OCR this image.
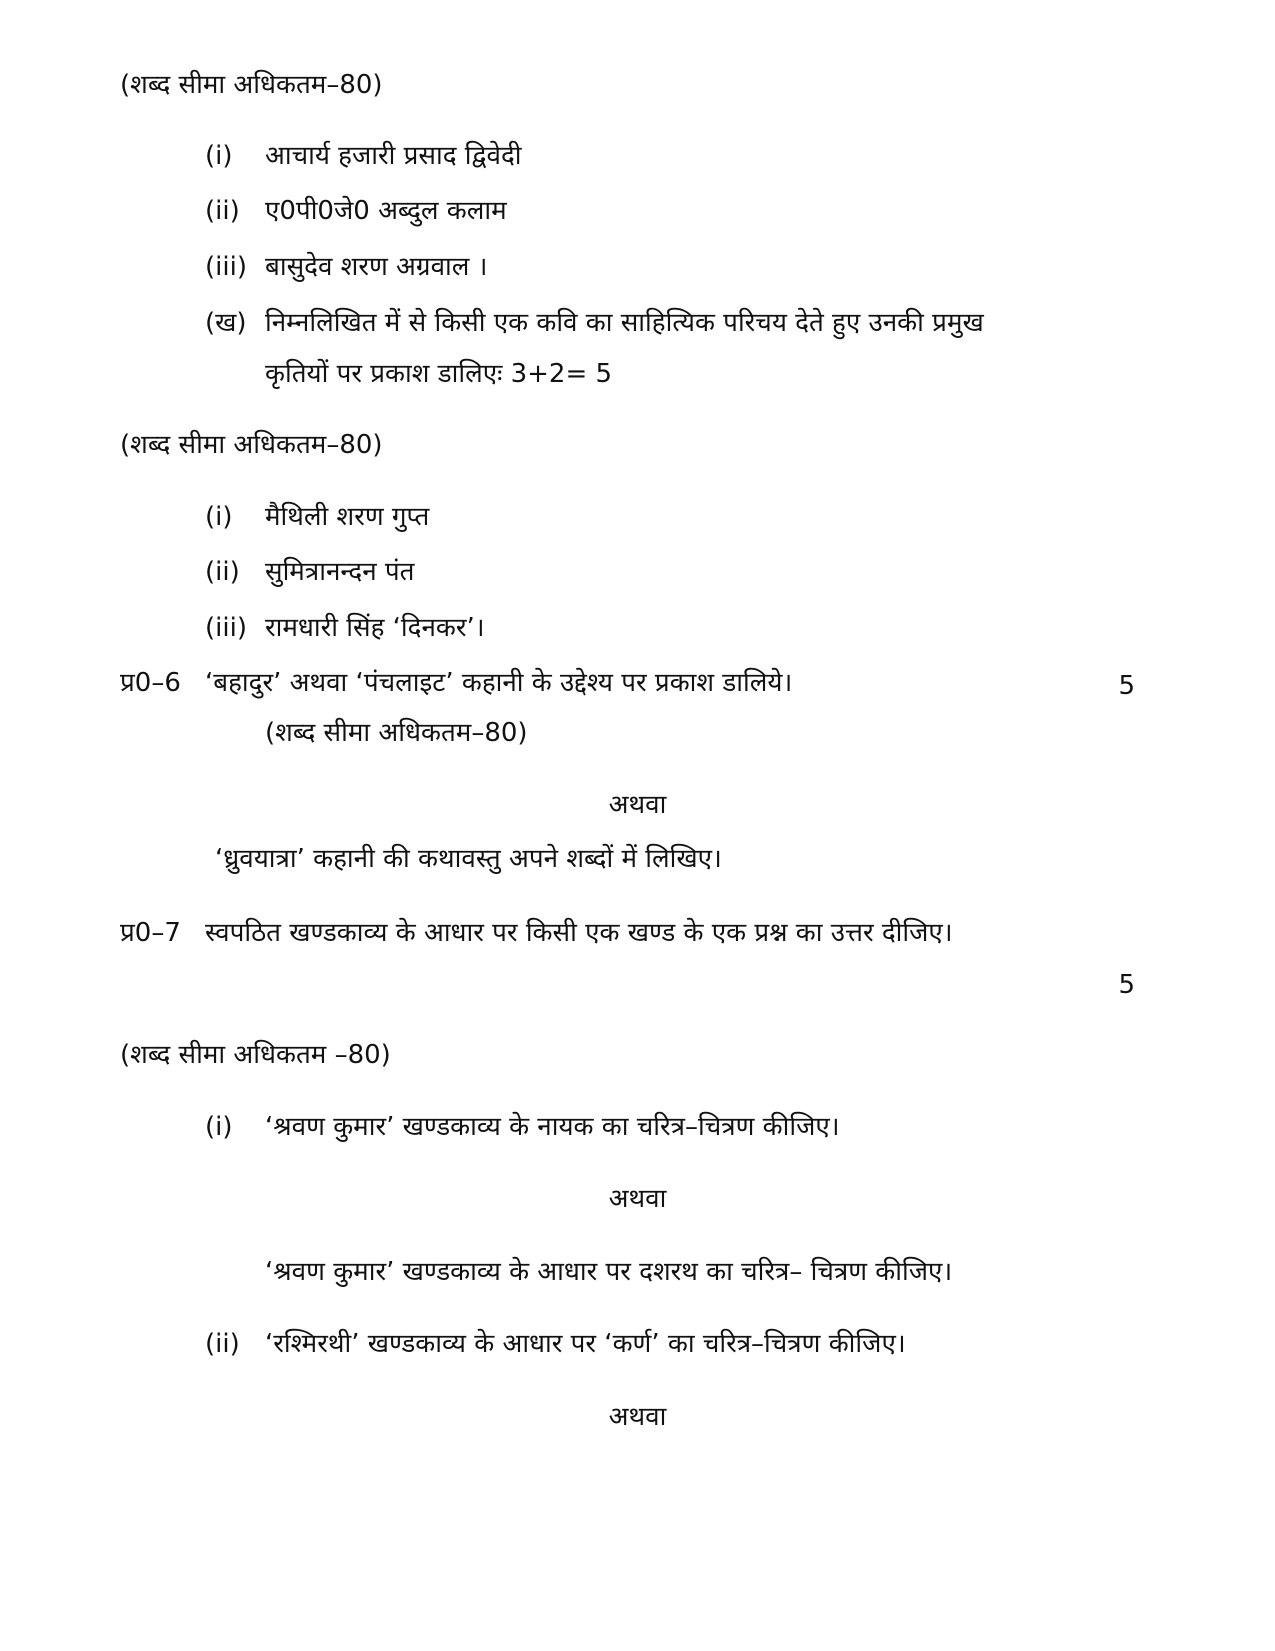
(शब्द सीमा अधिकतम–80)
(i) आचार्य हजारी प्रसाद द्विवेदी
(ii) ए0पी0जे0 अब्दुल कलाम
(iii) बासुदेव शरण अग्रवाल ।
(ख) निम्नलिखित में से किसी एक कवि का साहित्यिक परिचय देते हुए उनकी प्रमुख
कृतियों पर प्रकाश डालिएः 3+2= 5
(शब्द सीमा अधिकतम–80)
(i) मैथिली शरण गुप्त
(ii) सुमित्रानन्दन पंत
(iii) रामधारी सिंह ‘दिनकर’।
प्र0–6 ‘बहादुर’ अथवा ‘पंचलाइट’ कहानी के उद्देश्य पर प्रकाश डालिये।	5
(शब्द सीमा अधिकतम–80)
अथवा
‘ध्रुवयात्रा’ कहानी की कथावस्तु अपने शब्दों में लिखिए।
प्र0–7 स्वपठित खण्डकाव्य के आधार पर किसी एक खण्ड के एक प्रश्न का उत्तर दीजिए।
5
(शब्द सीमा अधिकतम –80)
(i) ‘श्रवण कुमार’ खण्डकाव्य के नायक का चरित्र–चित्रण कीजिए।
अथवा
‘श्रवण कुमार’ खण्डकाव्य के आधार पर दशरथ का चरित्र– चित्रण कीजिए।
(ii) ‘रश्मिरथी’ खण्डकाव्य के आधार पर ‘कर्ण’ का चरित्र–चित्रण कीजिए।
अथवा
